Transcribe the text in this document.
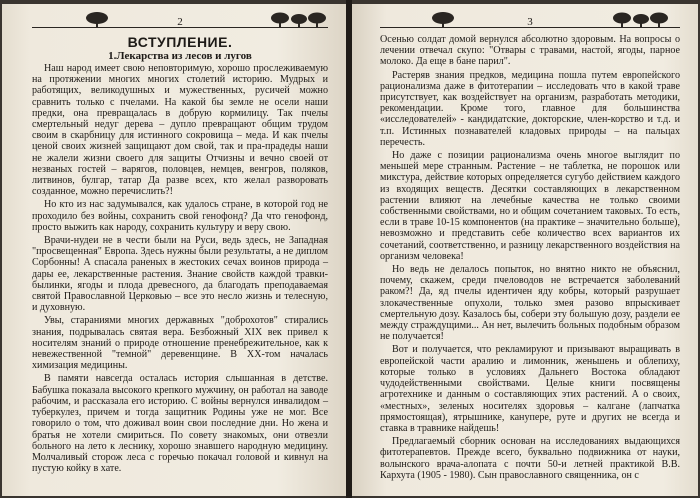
2
ВСТУПЛЕНИЕ.
1.Лекарства из лесов и лугов

Наш народ имеет свою неповторимую, хорошо прослеживаемую на протяжении многих многих столетий историю. Мудрых и работящих, великодушных и мужественных, русичей можно сравнить только с пчелами. На какой бы земле не осели наши предки, она превращалась в добрую кормилицу. Так пчелы смертельный недуг дерева – дупло превращают общим трудом своим в скарбницу для истинного сокровища – меда. И как пчелы ценой своих жизней защищают дом свой, так и пра-прадеды наши не жалели жизни своего для защиты Отчизны и вечно своей от незваных гостей – варягов, половцев, немцев, венгров, поляков, литвинов, булгар, татар Да разве всех, кто желал разворовать созданное, можно перечислить?!

Но кто из нас задумывался, как удалось стране, в которой год не проходило без войны, сохранить свой генофонд? Да что генофонд, просто выжить как народу, сохранить культуру и веру свою.

Врачи-нудеи не в чести были на Руси, ведь здесь, не Западная "просвещенная" Европа. Здесь нужны были результаты, а не диплом Сорбонны! А спасала раненых в жестоких сечах воинов природа – дары ее, лекарственные растения. Знание свойств каждой травки-былинки, ягоды и плода древесного, да благодать преподаваемая святой Православной Церковью – все это несло жизнь и телесную, и духовную.

Увы, стараниями многих державных "доброхотов" стирались знания, подрывалась святая вера. Безбожный XIX век привел к носителям знаний о природе отношение пренебрежительное, как к невежественной "темной" деревенщине. В XX-том началась химизация медицины.

В памяти навсегда осталась история слышанная в детстве. Бабушка показала высокого крепкого мужчину, он работал на заводе рабочим, и рассказала его историю. С войны вернулся инвалидом – туберкулез, причем и тогда защитник Родины уже не мог. Все говорило о том, что доживал воин свои последние дни. Но жена и братья не хотели смириться. По совету знакомых, они отвезли больного на лето к леснику, хорошо знавшего народную медицину. Молчаливый сторож леса с горечью покачал головой и кивнул на пустую койку в хате.

3

Осенью солдат домой вернулся абсолютно здоровым. На вопросы о лечении отвечал скупо: "Отвары с травами, настой, ягоды, парное молоко. Да еще в бане парил".

Растеряв знания предков, медицина пошла путем европейского рационализма даже в фитотерапии – исследовать что в какой траве присутствует, как воздействует на организм, разработать методики, рекомендации. Кроме того, главное для большинства «исследователей» - кандидатские, докторские, член-корство и т.д. и т.п. Истинных познавателей кладовых природы – на пальцах перечесть.

Но даже с позиции рационализма очень многое выглядит по меньшей мере странным. Растение – не таблетка, не порошок или микстура, действие которых определяется сугубо действием каждого из входящих веществ. Десятки составляющих в лекарственном растении влияют на лечебные качества не только своими собственными свойствами, но и общим сочетанием таковых. То есть, если в траве 10-15 компонентов (на практике – значительно больше), невозможно и представить себе количество всех вариантов их сочетаний, соответственно, и разницу лекарственного воздействия на организм человека!

Но ведь не делалось попыток, но внятно никто не объяснил, почему, скажем, среди пчеловодов не встречается заболеваний раком?! Да, яд пчелы идентичен яду кобры, который разрушает злокачественные опухоли, только змея разово впрыскивает смертельную дозу. Казалось бы, собери эту большую дозу, раздели ее между страждущими... Ан нет, вылечить больных подобным образом не получается!

Вот и получается, что рекламируют и призывают выращивать в европейской части аралию и лимонник, женьшень и облепиху, которые только в условиях Дальнего Востока обладают чудодейственными свойствами. Целые книги посвящены агротехнике и данным о составляющих этих растений. А о своих, «местных», зеленых носителях здоровья – калгане (лапчатка прямостоящая), ятрышнике, канупере, руте и других не всегда и ставка в травнике найдешь!

Предлагаемый сборник основан на исследованиях выдающихся фитотерапевтов. Прежде всего, буквально подвижника от науки, волынского врача-алопата с почти 50-и летней практикой В.В. Кархута (1905 - 1980). Сын православного священника, он с
